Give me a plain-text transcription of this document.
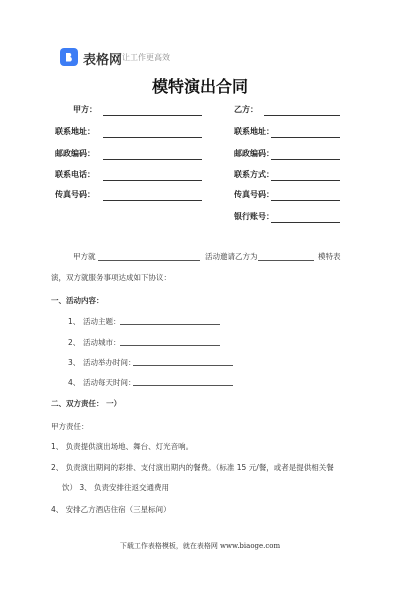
表格网 让工作更高效
模特演出合同
甲方：
联系地址：
邮政编码：
联系电话：
传真号码：
乙方：
联系地址：
邮政编码：
联系方式：
传真号码：
银行账号：
甲方就	活动邀请乙方为	模特表
演，双方就服务事项达成如下协议：
一、活动内容：
1、 活动主题：
2、 活动城市：
3、 活动举办时间：
4、 活动每天时间：
二、双方责任： 一）
甲方责任：
1、 负责提供演出场地、舞台、灯光音响。
2、 负责演出期间的彩排、支付演出期内的餐费。（标准 15 元/餐，或者是提供相关餐
饮） 3、 负责安排往返交通费用
4、 安排乙方酒店住宿（三星标间）
下载工作表格模板，就在表格网 www.biaoge.com
